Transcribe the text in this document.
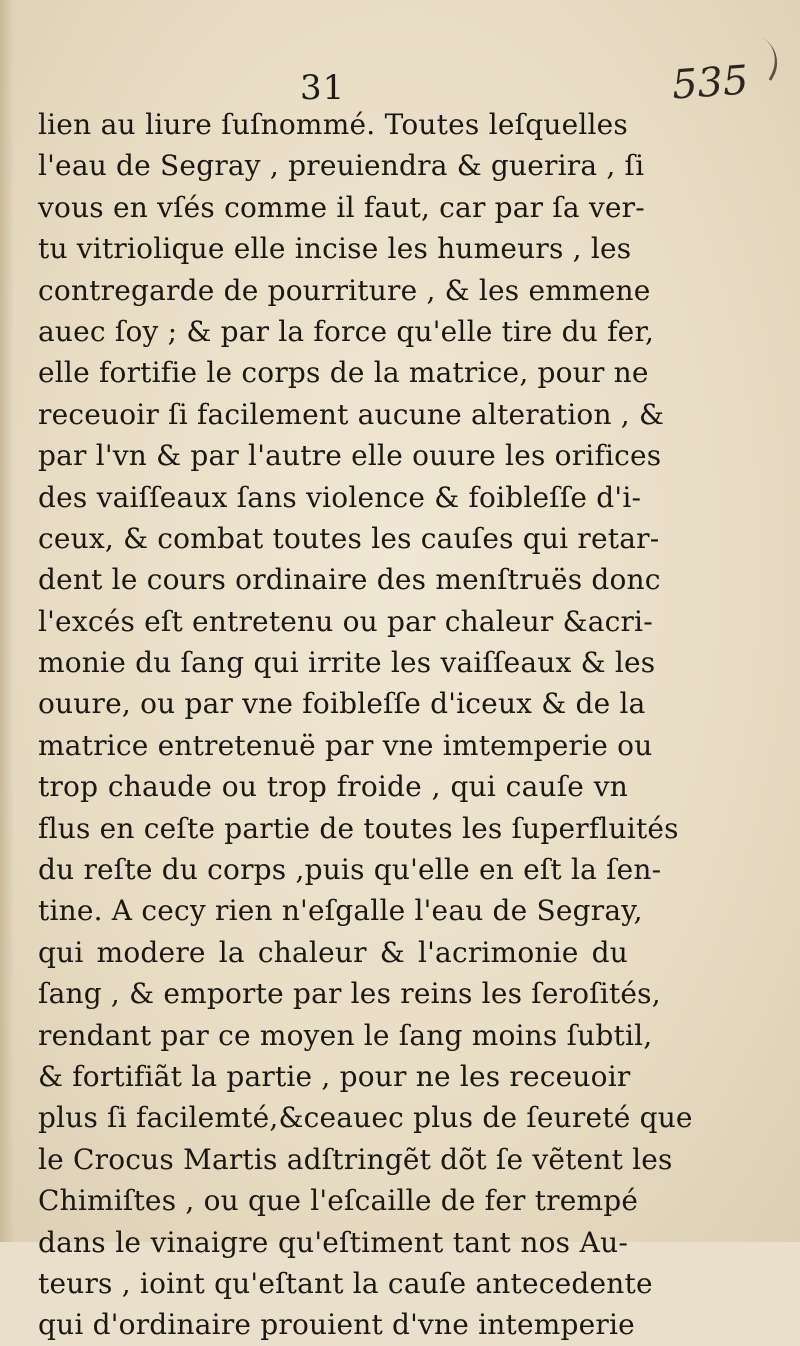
31	535
lien au liure ſuſnommé. Toutes leſquelles
l'eau de Segray , preuiendra & guerira , ſi
vous en vſés comme il faut, car par ſa ver-
tu vitriolique elle incise les humeurs , les
contregarde de pourriture , & les emmene
auec ſoy ; & par la force qu'elle tire du fer,
elle fortifie le corps de la matrice, pour ne
receuoir ſi facilement aucune alteration , &
par l'vn & par l'autre elle ouure les orifices
des vaiſſeaux ſans violence & foibleſſe d'i-
ceux, & combat toutes les cauſes qui retar-
dent le cours ordinaire des menſtruës donc
l'excés eſt entretenu ou par chaleur &acri-
monie du ſang qui irrite les vaiſſeaux & les
ouure, ou par vne foibleſſe d'iceux & de la
matrice entretenuë par vne imtemperie ou
trop chaude ou trop froide , qui cauſe vn
flus en ceſte partie de toutes les ſuperfluités
du reſte du corps ,puis qu'elle en eſt la ſen-
tine. A cecy rien n'eſgalle l'eau de Segray,
qui modere la chaleur & l'acrimonie du
ſang , & emporte par les reins les ſeroſités,
rendant par ce moyen le ſang moins ſubtil,
& fortifiãt la partie , pour ne les receuoir
plus ſi facilemté,&ceauec plus de ſeureté que
le Crocus Martis adſtringẽt dõt ſe vẽtent les
Chimiſtes , ou que l'eſcaille de fer trempé
dans le vinaigre qu'eſtiment tant nos Au-
teurs , ioint qu'eſtant la cauſe antecedente
qui d'ordinaire prouient d'vne intemperie
